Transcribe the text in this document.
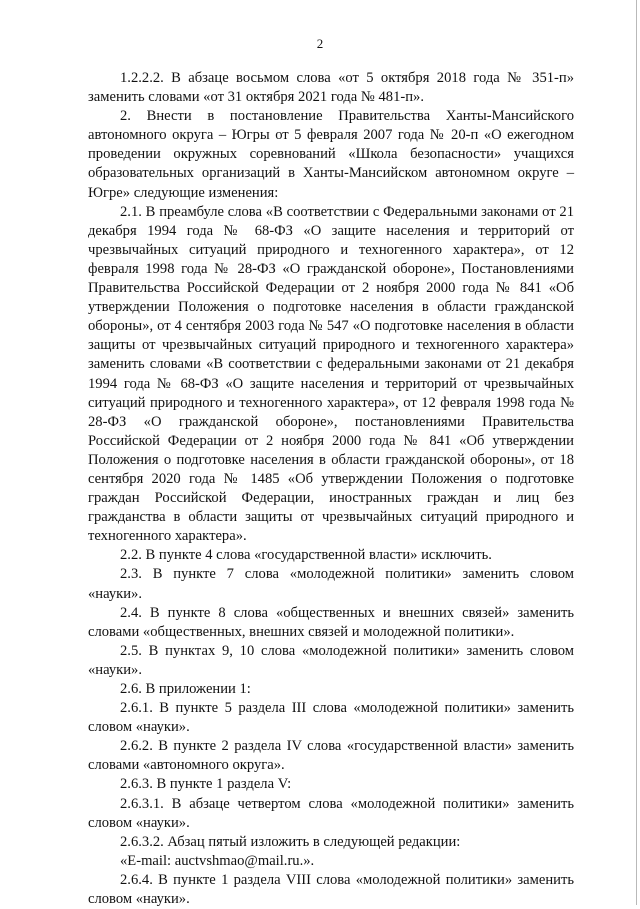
2

1.2.2.2. В абзаце восьмом слова «от 5 октября 2018 года № 351-п» заменить словами «от 31 октября 2021 года № 481-п».

2. Внести в постановление Правительства Ханты-Мансийского автономного округа – Югры от 5 февраля 2007 года № 20-п «О ежегодном проведении окружных соревнований «Школа безопасности» учащихся образовательных организаций в Ханты-Мансийском автономном округе – Югре» следующие изменения:

2.1. В преамбуле слова «В соответствии с Федеральными законами от 21 декабря 1994 года № 68-ФЗ «О защите населения и территорий от чрезвычайных ситуаций природного и техногенного характера», от 12 февраля 1998 года № 28-ФЗ «О гражданской обороне», Постановлениями Правительства Российской Федерации от 2 ноября 2000 года № 841 «Об утверждении Положения о подготовке населения в области гражданской обороны», от 4 сентября 2003 года № 547 «О подготовке населения в области защиты от чрезвычайных ситуаций природного и техногенного характера» заменить словами «В соответствии с федеральными законами от 21 декабря 1994 года № 68-ФЗ «О защите населения и территорий от чрезвычайных ситуаций природного и техногенного характера», от 12 февраля 1998 года № 28-ФЗ «О гражданской обороне», постановлениями Правительства Российской Федерации от 2 ноября 2000 года № 841 «Об утверждении Положения о подготовке населения в области гражданской обороны», от 18 сентября 2020 года № 1485 «Об утверждении Положения о подготовке граждан Российской Федерации, иностранных граждан и лиц без гражданства в области защиты от чрезвычайных ситуаций природного и техногенного характера».

2.2. В пункте 4 слова «государственной власти» исключить.

2.3. В пункте 7 слова «молодежной политики» заменить словом «науки».

2.4. В пункте 8 слова «общественных и внешних связей» заменить словами «общественных, внешних связей и молодежной политики».

2.5. В пунктах 9, 10 слова «молодежной политики» заменить словом «науки».

2.6. В приложении 1:

2.6.1. В пункте 5 раздела III слова «молодежной политики» заменить словом «науки».

2.6.2. В пункте 2 раздела IV слова «государственной власти» заменить словами «автономного округа».

2.6.3. В пункте 1 раздела V:

2.6.3.1. В абзаце четвертом слова «молодежной политики» заменить словом «науки».

2.6.3.2. Абзац пятый изложить в следующей редакции:

«E-mail: auctvshmao@mail.ru.».

2.6.4. В пункте 1 раздела VIII слова «молодежной политики» заменить словом «науки».
